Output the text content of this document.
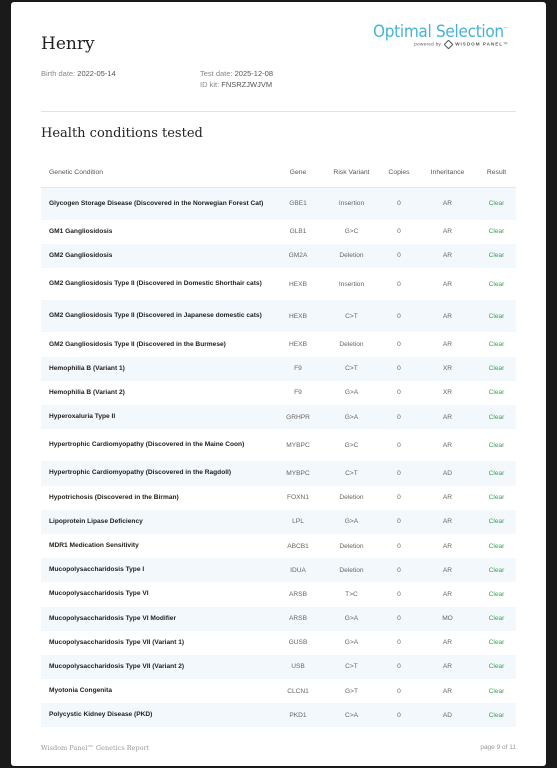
Henry
Birth date: 2022-05-14	Test date: 2025-12-08
ID kit: FNSRZJWJVM
Optimal Selection™
powered by	WISDOM PANEL™
Health conditions tested
Genetic Condition	Gene	Risk Variant	Copies	Inheritance	Result
Glycogen Storage Disease (Discovered in the Norwegian Forest Cat)	GBE1	Insertion	0	AR	Clear
GM1 Gangliosidosis	GLB1	G>C	0	AR	Clear
GM2 Gangliosidosis	GM2A	Deletion	0	AR	Clear
GM2 Gangliosidosis Type II (Discovered in Domestic Shorthair cats)	HEXB	Insertion	0	AR	Clear
GM2 Gangliosidosis Type II (Discovered in Japanese domestic cats)	HEXB	C>T	0	AR	Clear
GM2 Gangliosidosis Type II (Discovered in the Burmese)	HEXB	Deletion	0	AR	Clear
Hemophilia B (Variant 1)	F9	C>T	0	XR	Clear
Hemophilia B (Variant 2)	F9	G>A	0	XR	Clear
Hyperoxaluria Type II	GRHPR	G>A	0	AR	Clear
Hypertrophic Cardiomyopathy (Discovered in the Maine Coon)	MYBPC	G>C	0	AR	Clear
Hypertrophic Cardiomyopathy (Discovered in the Ragdoll)	MYBPC	C>T	0	AD	Clear
Hypotrichosis (Discovered in the Birman)	FOXN1	Deletion	0	AR	Clear
Lipoprotein Lipase Deficiency	LPL	G>A	0	AR	Clear
MDR1 Medication Sensitivity	ABCB1	Deletion	0	AR	Clear
Mucopolysaccharidosis Type I	IDUA	Deletion	0	AR	Clear
Mucopolysaccharidosis Type VI	ARSB	T>C	0	AR	Clear
Mucopolysaccharidosis Type VI Modifier	ARSB	G>A	0	MO	Clear
Mucopolysaccharidosis Type VII (Variant 1)	GUSB	G>A	0	AR	Clear
Mucopolysaccharidosis Type VII (Variant 2)	USB	C>T	0	AR	Clear
Myotonia Congenita	CLCN1	G>T	0	AR	Clear
Polycystic Kidney Disease (PKD)	PKD1	C>A	0	AD	Clear
Wisdom Panel™ Genetics Report	page 9 of 11
